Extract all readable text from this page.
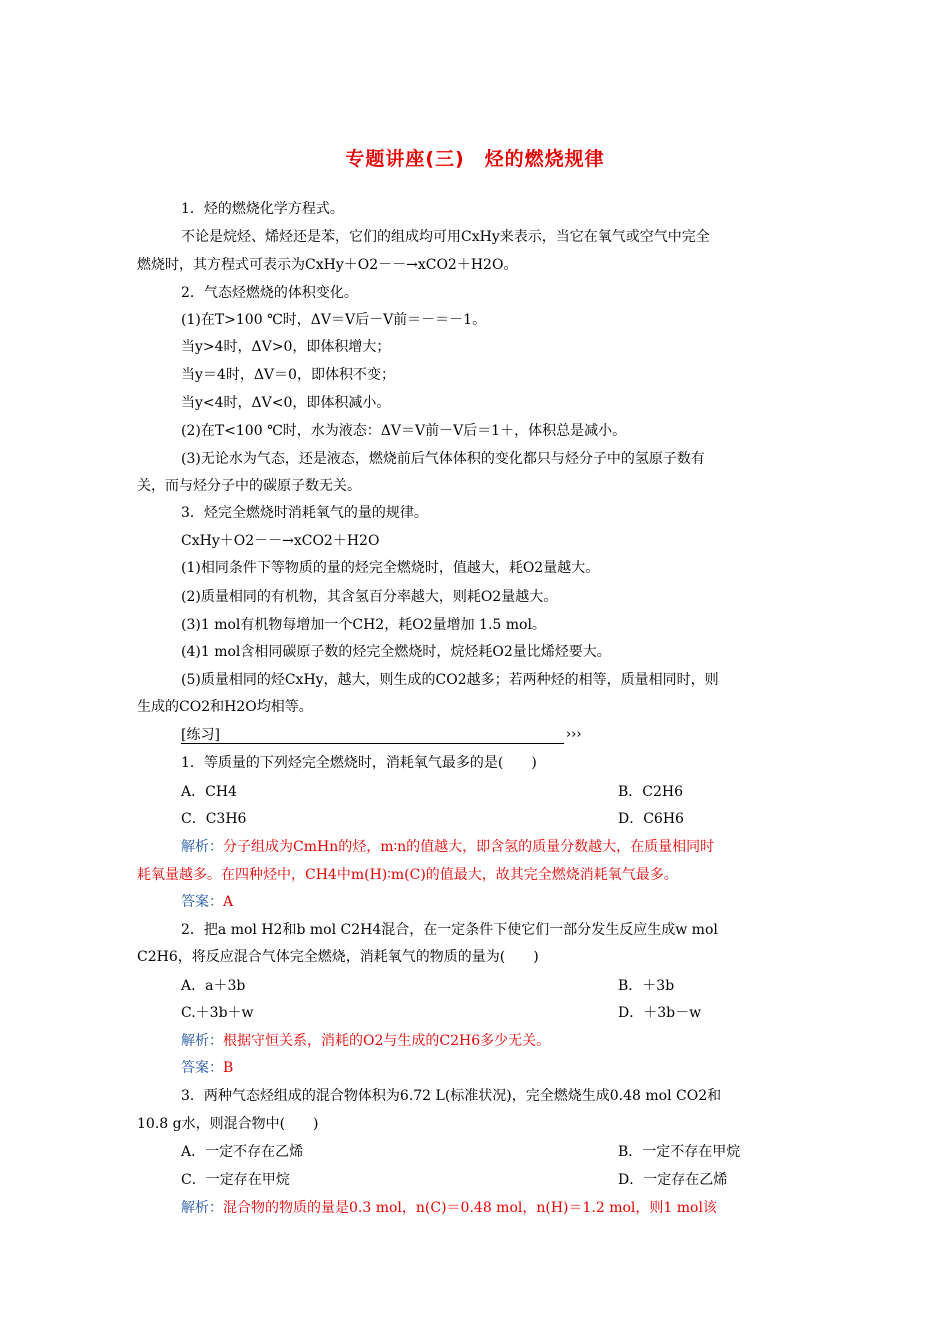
专题讲座(三)　烃的燃烧规律
1．烃的燃烧化学方程式。
不论是烷烃、烯烃还是苯，它们的组成均可用CxHy来表示，当它在氧气或空气中完全
燃烧时，其方程式可表示为CxHy＋O2－－→xCO2＋H2O。
2．气态烃燃烧的体积变化。
(1)在T>100 ℃时，ΔV＝V后－V前＝－＝－1。
当y>4时，ΔV>0，即体积增大；
当y＝4时，ΔV＝0，即体积不变；
当y<4时，ΔV<0，即体积减小。
(2)在T<100 ℃时，水为液态：ΔV＝V前－V后＝1＋，体积总是减小。
(3)无论水为气态，还是液态，燃烧前后气体体积的变化都只与烃分子中的氢原子数有
关，而与烃分子中的碳原子数无关。
3．烃完全燃烧时消耗氧气的量的规律。
CxHy＋O2－－→xCO2＋H2O
(1)相同条件下等物质的量的烃完全燃烧时，值越大，耗O2量越大。
(2)质量相同的有机物，其含氢百分率越大，则耗O2量越大。
(3)1 mol有机物每增加一个CH2，耗O2量增加 1.5 mol。
(4)1 mol含相同碳原子数的烃完全燃烧时，烷烃耗O2量比烯烃要大。
(5)质量相同的烃CxHy，越大，则生成的CO2越多；若两种烃的相等，质量相同时，则
生成的CO2和H2O均相等。
[练习]	›››
1．等质量的下列烃完全燃烧时，消耗氧气最多的是(　　)
A．CH4	B．C2H6
C．C3H6	D．C6H6
解析：分子组成为CmHn的烃，m∶n的值越大，即含氢的质量分数越大，在质量相同时
耗氧量越多。在四种烃中，CH4中m(H)∶m(C)的值最大，故其完全燃烧消耗氧气最多。
答案：A
2．把a mol H2和b mol C2H4混合，在一定条件下使它们一部分发生反应生成w mol
C2H6，将反应混合气体完全燃烧，消耗氧气的物质的量为(　　)
A．a＋3b	B．＋3b
C.＋3b＋w	D．＋3b－w
解析：根据守恒关系，消耗的O2与生成的C2H6多少无关。
答案：B
3．两种气态烃组成的混合物体积为6.72 L(标准状况)，完全燃烧生成0.48 mol CO2和
10.8 g水，则混合物中(　　)
A．一定不存在乙烯	B．一定不存在甲烷
C．一定存在甲烷	D．一定存在乙烯
解析：混合物的物质的量是0.3 mol，n(C)＝0.48 mol，n(H)＝1.2 mol，则1 mol该
